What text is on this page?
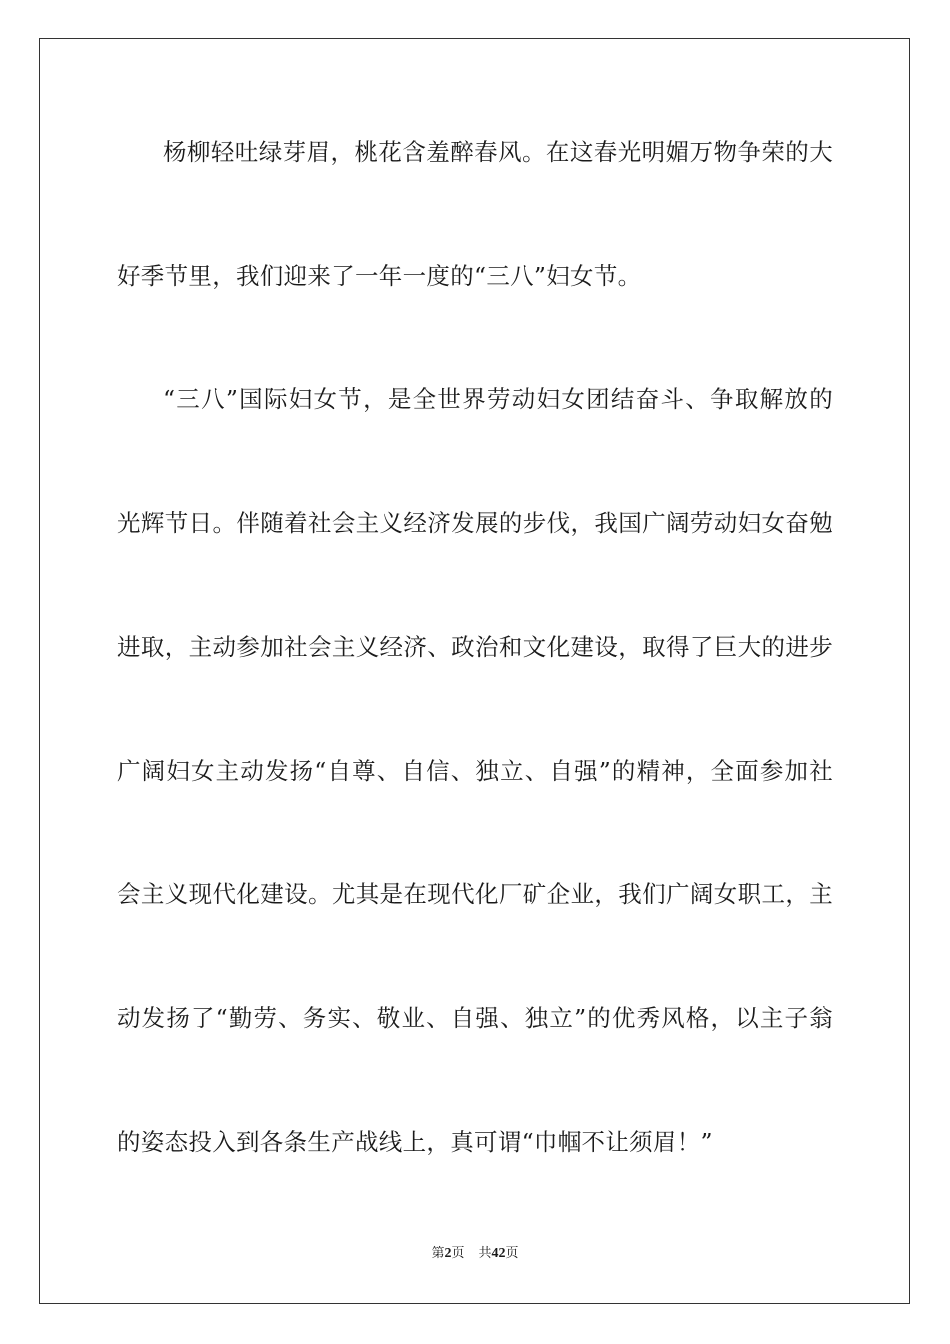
杨柳轻吐绿芽眉，桃花含羞醉春风。在这春光明媚万物争荣的大
好季节里，我们迎来了一年一度的“三八”妇女节。
“三八”国际妇女节，是全世界劳动妇女团结奋斗、争取解放的
光辉节日。伴随着社会主义经济发展的步伐，我国广阔劳动妇女奋勉
进取，主动参加社会主义经济、政治和文化建设，取得了巨大的进步
广阔妇女主动发扬“自尊、自信、独立、自强”的精神，全面参加社
会主义现代化建设。尤其是在现代化厂矿企业，我们广阔女职工，主
动发扬了“勤劳、务实、敬业、自强、独立”的优秀风格，以主子翁
的姿态投入到各条生产战线上，真可谓“巾帼不让须眉！”
第2页 共42页
